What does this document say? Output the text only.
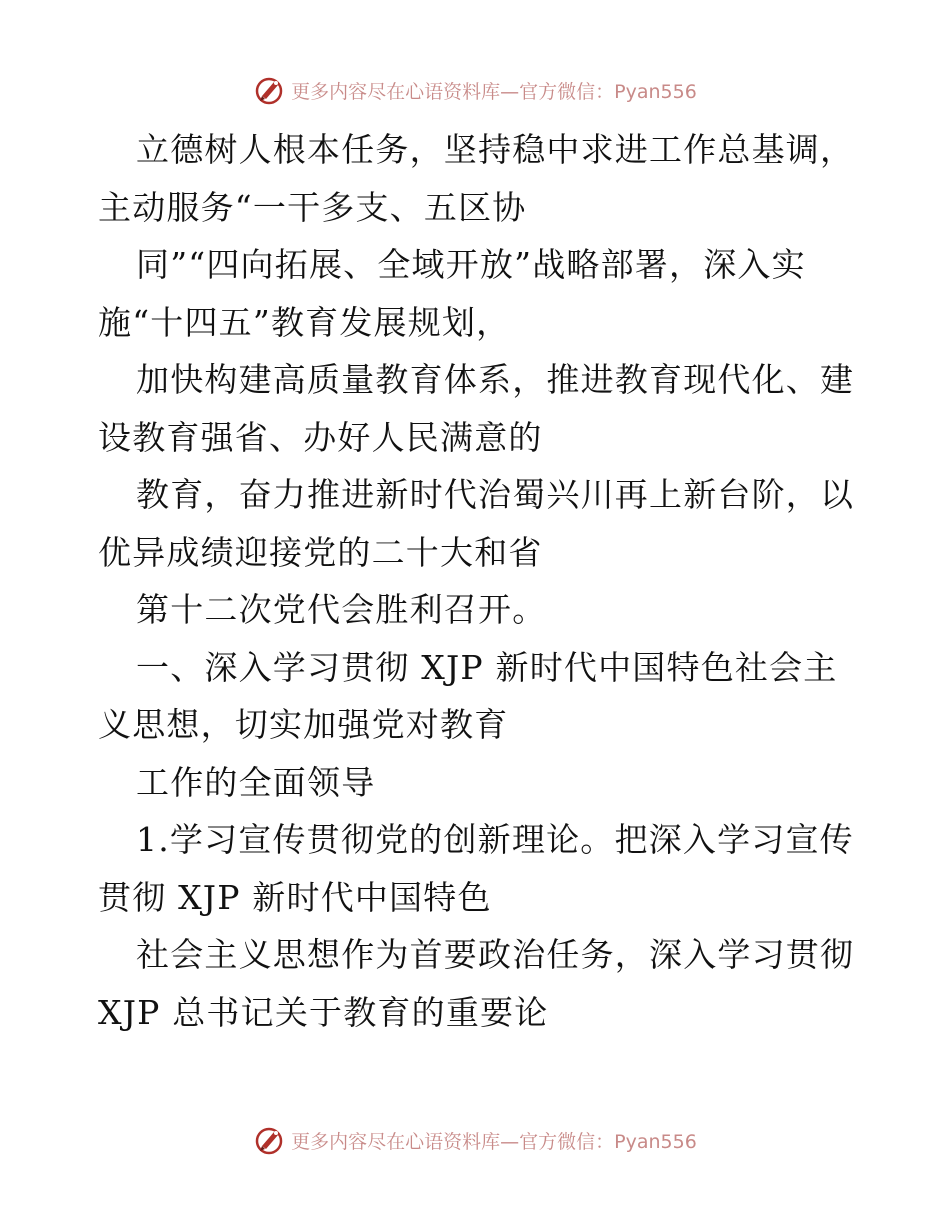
更多内容尽在心语资料库—官方微信：Pyan556

立德树人根本任务，坚持稳中求进工作总基调，
主动服务“一干多支、五区协

同”“四向拓展、全域开放”战略部署，深入实
施“十四五”教育发展规划，

加快构建高质量教育体系，推进教育现代化、建
设教育强省、办好人民满意的

教育，奋力推进新时代治蜀兴川再上新台阶，以
优异成绩迎接党的二十大和省

第十二次党代会胜利召开。

一、深入学习贯彻 XJP 新时代中国特色社会主
义思想，切实加强党对教育

工作的全面领导

1.学习宣传贯彻党的创新理论。把深入学习宣传
贯彻 XJP 新时代中国特色

社会主义思想作为首要政治任务，深入学习贯彻
XJP 总书记关于教育的重要论

更多内容尽在心语资料库—官方微信：Pyan556
